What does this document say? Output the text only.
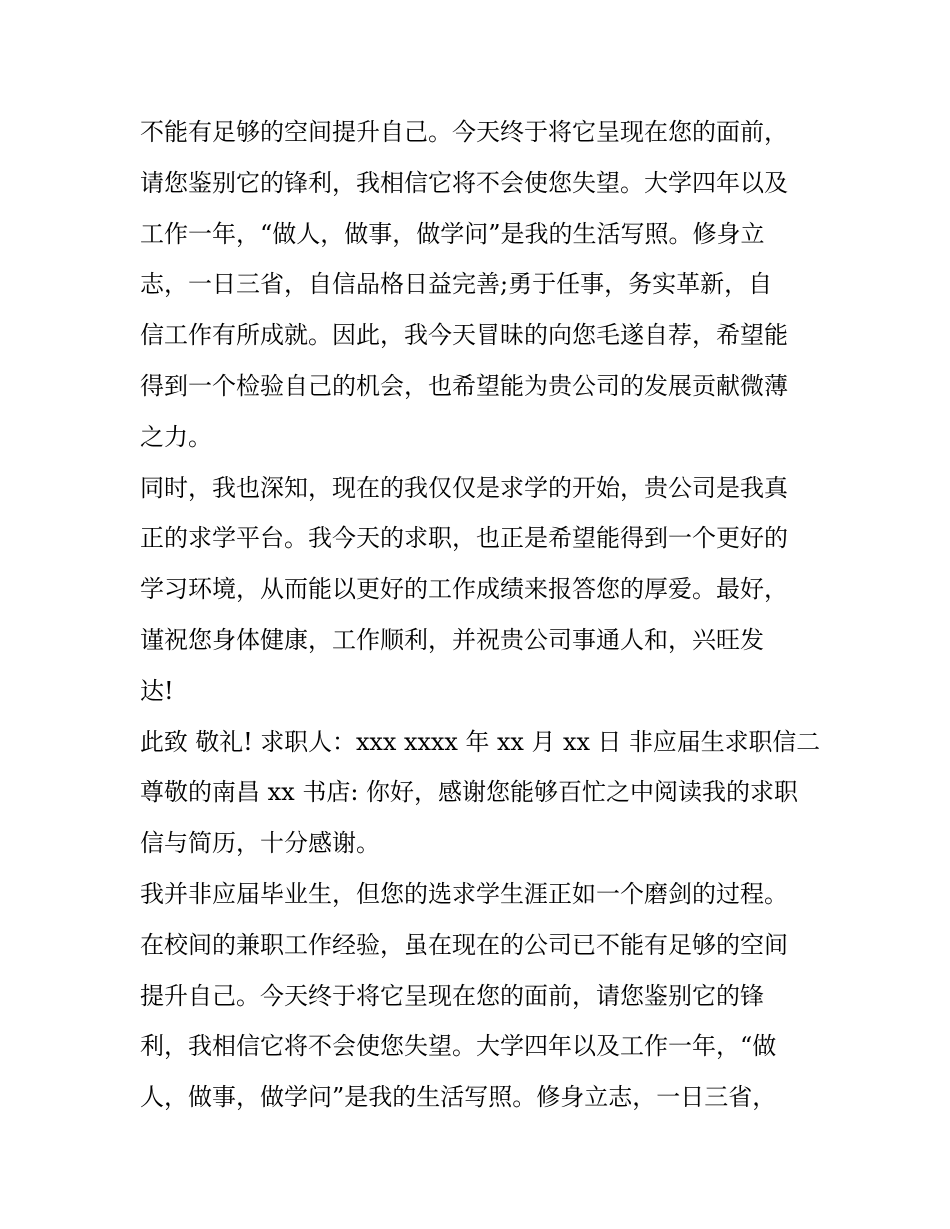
不能有足够的空间提升自己。今天终于将它呈现在您的面前，
请您鉴别它的锋利，我相信它将不会使您失望。大学四年以及
工作一年，“做人，做事，做学问”是我的生活写照。修身立
志，一日三省，自信品格日益完善;勇于任事，务实革新，自
信工作有所成就。因此，我今天冒昧的向您毛遂自荐，希望能
得到一个检验自己的机会，也希望能为贵公司的发展贡献微薄
之力。
同时，我也深知，现在的我仅仅是求学的开始，贵公司是我真
正的求学平台。我今天的求职，也正是希望能得到一个更好的
学习环境，从而能以更好的工作成绩来报答您的厚爱。最好，
谨祝您身体健康，工作顺利，并祝贵公司事通人和，兴旺发
达!
此致 敬礼! 求职人：xxx xxxx 年 xx 月 xx 日 非应届生求职信二
尊敬的南昌 xx 书店: 你好，感谢您能够百忙之中阅读我的求职
信与简历，十分感谢。
我并非应届毕业生，但您的选求学生涯正如一个磨剑的过程。
在校间的兼职工作经验，虽在现在的公司已不能有足够的空间
提升自己。今天终于将它呈现在您的面前，请您鉴别它的锋
利，我相信它将不会使您失望。大学四年以及工作一年，“做
人，做事，做学问”是我的生活写照。修身立志，一日三省，
